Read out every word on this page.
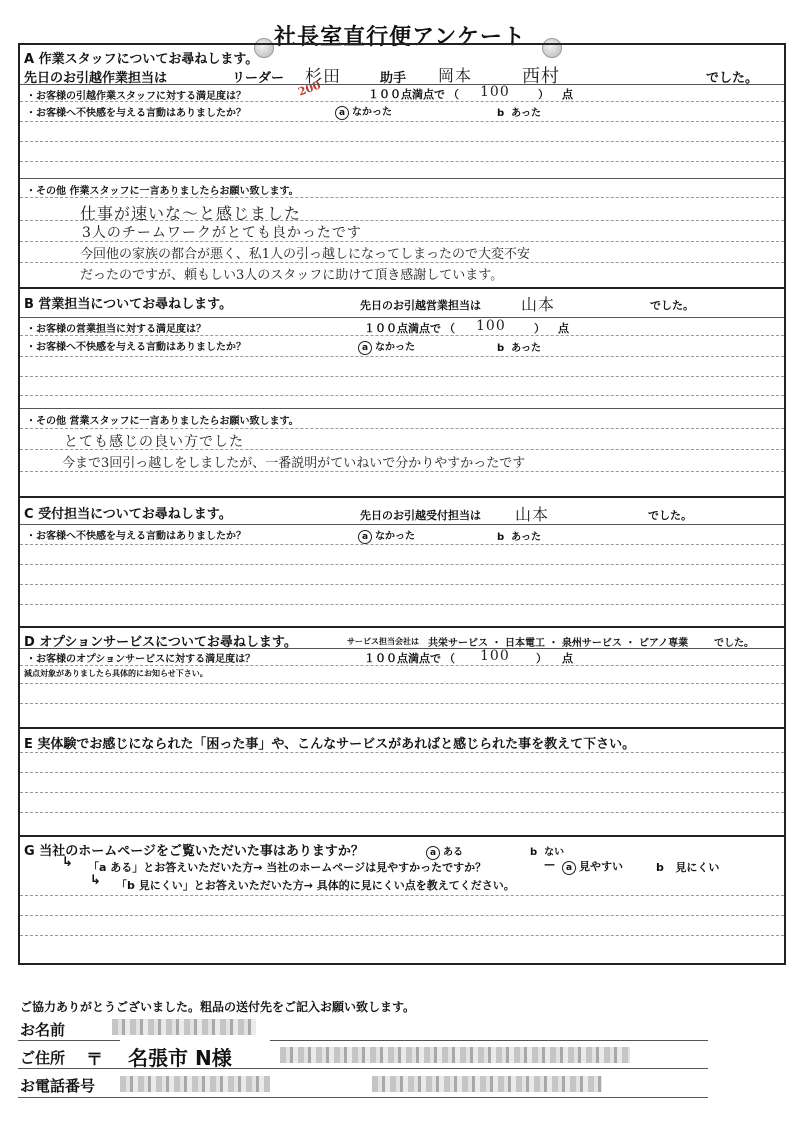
社長室直行便アンケート
A 作業スタッフについてお尋ねします。
先日のお引越作業担当は	リーダー 杉田
200	助手 岡本	西村	でした。
・お客様の引越作業スタッフに対する満足度は？	１００点満点で （ 100	） 点
・お客様へ不快感を与える言動はありましたか？	a なかった	b あった
・その他 作業スタッフに一言ありましたらお願い致します。
仕事が速いな～と感じました
3人のチームワークがとても良かったです
今回他の家族の都合が悪く、私1人の引っ越しになってしまったので大変不安
だったのですが、頼もしい3人のスタッフに助けて頂き感謝しています。
B 営業担当についてお尋ねします。	先日のお引越営業担当は	山本	でした。
・お客様の営業担当に対する満足度は？	１００点満点で （ 100	） 点
・お客様へ不快感を与える言動はありましたか？	a なかった	b あった
・その他 営業スタッフに一言ありましたらお願い致します。
とても感じの良い方でした
今まで3回引っ越しをしましたが、一番説明がていねいで分かりやすかったです
C 受付担当についてお尋ねします。	先日のお引越受付担当は 山本	でした。
・お客様へ不快感を与える言動はありましたか？	a なかった	b あった
D オプションサービスについてお尋ねします。	サービス担当会社は 共栄サービス ・ 日本電工 ・ 泉州サービス ・ ピアノ専業	でした。
・お客様のオプションサービスに対する満足度は？	１００点満点で （ 100 ） 点
減点対象がありましたら具体的にお知らせ下さい。
E 実体験でお感じになられた「困った事」や、こんなサービスがあればと感じられた事を教えて下さい。
G 当社のホームページをご覧いただいた事はありますか？	a ある	b ない
↳ 「a ある」とお答えいただいた方→ 当社のホームページは見やすかったですか？	—	a 見やすい	b 見にくい
↳ 「b 見にくい」とお答えいただいた方→ 具体的に見にくい点を教えてください。
ご協力ありがとうございました。粗品の送付先をご記入お願い致します。
お名前
ご住所 〒 名張市 N様
お電話番号
